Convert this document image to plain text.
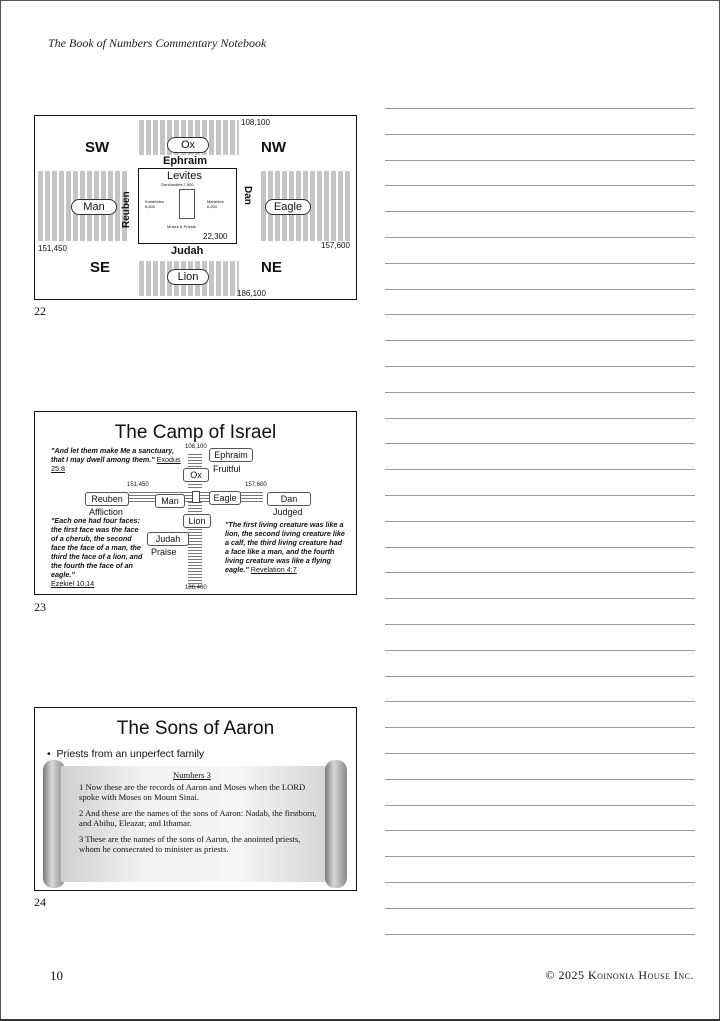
The Book of Numbers Commentary Notebook
108,100
SW	NW
Ox
Ephraim
Levites
Gershonites 7,500
Kohathites 8,600
Merarites 6,200
Moses & Priests
22,300
Reuben	Dan
Man	Eagle
151,450	157,600
Judah
SE	NE
Lion
186,100
22
The Camp of Israel
"And let them make Me a sanctuary, that I may dwell among them." Exodus 25:8
108,100
Ephraim
Fruitful
Ox
151,450
Reuben
Affliction
Man	Eagle
157,600
Dan
Judged
Lion
Judah
Praise
186,400
"Each one had four faces: the first face was the face of a cherub, the second face the face of a man, the third the face of a lion, and the fourth the face of an eagle."
Ezekiel 10:14
"The first living creature was like a lion, the second living creature like a calf, the third living creature had a face like a man, and the fourth living creature was like a flying eagle." Revelation 4:7
23
The Sons of Aaron
•  Priests from an unperfect family
Numbers 3
1 Now these are the records of Aaron and Moses when the LORD spoke with Moses on Mount Sinai.
2 And these are the names of the sons of Aaron: Nadab, the firstborn, and Abihu, Eleazar, and Ithamar.
3 These are the names of the sons of Aaron, the anointed priests, whom he consecrated to minister as priests.
24
10	© 2025 Koinonia House Inc.
